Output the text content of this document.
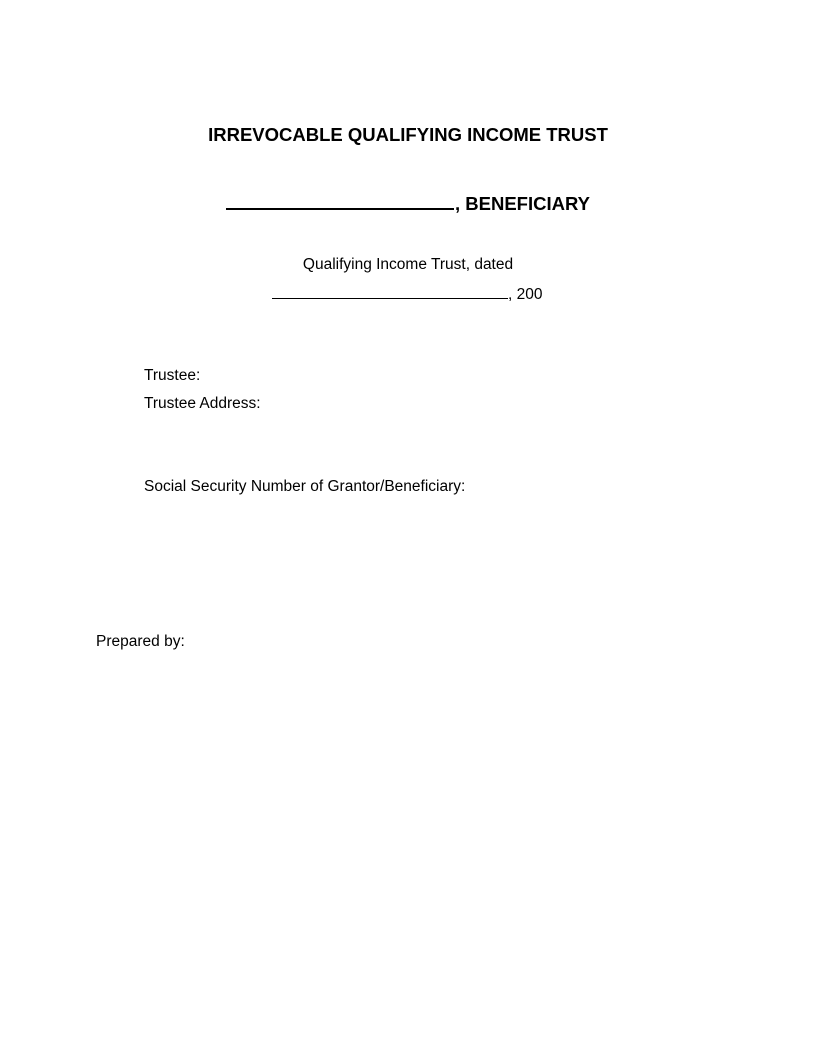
IRREVOCABLE QUALIFYING INCOME TRUST
, BENEFICIARY
Qualifying Income Trust, dated
, 200
Trustee:
Trustee Address:
Social Security Number of Grantor/Beneficiary:
Prepared by:
